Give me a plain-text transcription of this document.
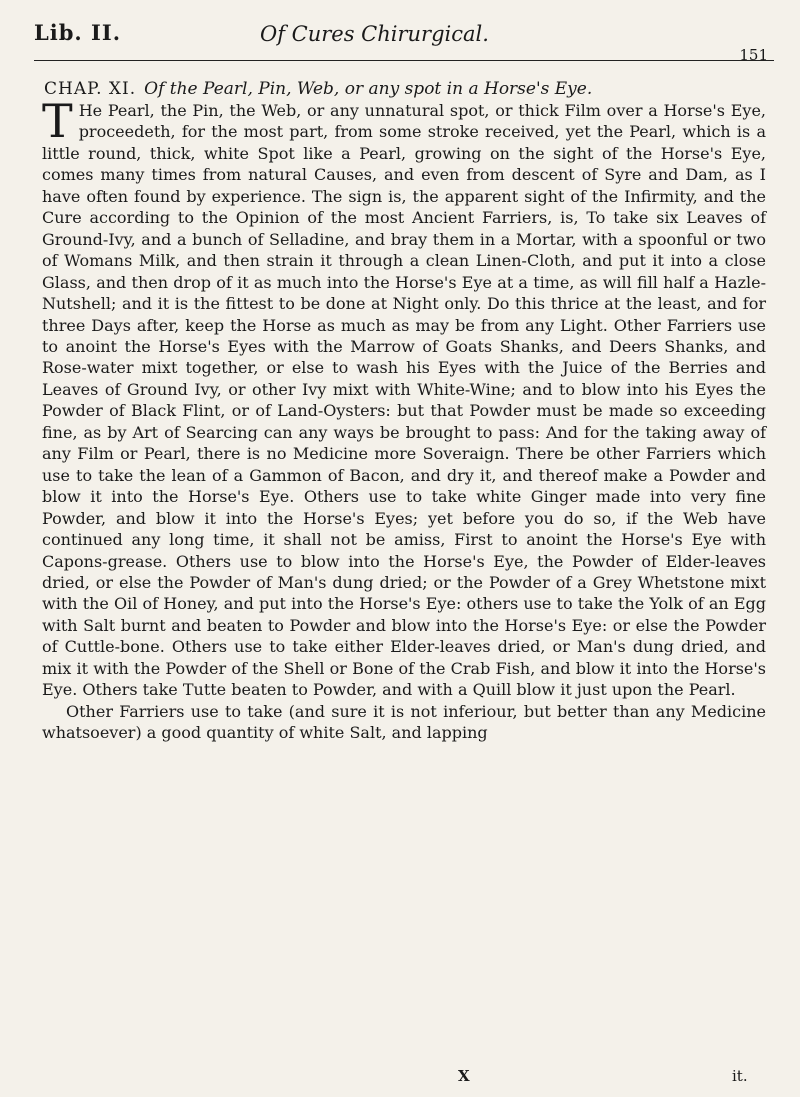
Lib. II.	Of Cures Chirurgical.
151
CHAP. XI. Of the Pearl, Pin, Web, or any spot in a Horse's Eye.

T He Pearl, the Pin, the Web, or any unnatural spot, or thick Film over a Horse's Eye, proceedeth, for the most part, from some stroke received, yet the Pearl, which is a little round, thick, white Spot like a Pearl, growing on the sight of the Horse's Eye, comes many times from natural Causes, and even from descent of Syre and Dam, as I have often found by experience. The sign is, the apparent sight of the Infirmity, and the Cure according to the Opinion of the most Ancient Farriers, is, To take six Leaves of Ground-Ivy, and a bunch of Selladine, and bray them in a Mortar, with a spoonful or two of Womans Milk, and then strain it through a clean Linen-Cloth, and put it into a close Glass, and then drop of it as much into the Horse's Eye at a time, as will fill half a Hazle-Nutshell; and it is the fittest to be done at Night only. Do this thrice at the least, and for three Days after, keep the Horse as much as may be from any Light. Other Farriers use to anoint the Horse's Eyes with the Marrow of Goats Shanks, and Deers Shanks, and Rose-water mixt together, or else to wash his Eyes with the Juice of the Berries and Leaves of Ground Ivy, or other Ivy mixt with White-Wine; and to blow into his Eyes the Powder of Black Flint, or of Land-Oysters: but that Powder must be made so exceeding fine, as by Art of Searcing can any ways be brought to pass: And for the taking away of any Film or Pearl, there is no Medicine more Soveraign. There be other Farriers which use to take the lean of a Gammon of Bacon, and dry it, and thereof make a Powder and blow it into the Horse's Eye. Others use to take white Ginger made into very fine Powder, and blow it into the Horse's Eyes; yet before you do so, if the Web have continued any long time, it shall not be amiss, First to anoint the Horse's Eye with Capons-grease. Others use to blow into the Horse's Eye, the Powder of Elder-leaves dried, or else the Powder of Man's dung dried; or the Powder of a Grey Whetstone mixt with the Oil of Honey, and put into the Horse's Eye: others use to take the Yolk of an Egg with Salt burnt and beaten to Powder and blow into the Horse's Eye: or else the Powder of Cuttle-bone. Others use to take either Elder-leaves dried, or Man's dung dried, and mix it with the Powder of the Shell or Bone of the Crab Fish, and blow it into the Horse's Eye. Others take Tutte beaten to Powder, and with a Quill blow it just upon the Pearl.

Other Farriers use to take (and sure it is not inferiour, but better than any Medicine whatsoever) a good quantity of white Salt, and lapping

X	it.
